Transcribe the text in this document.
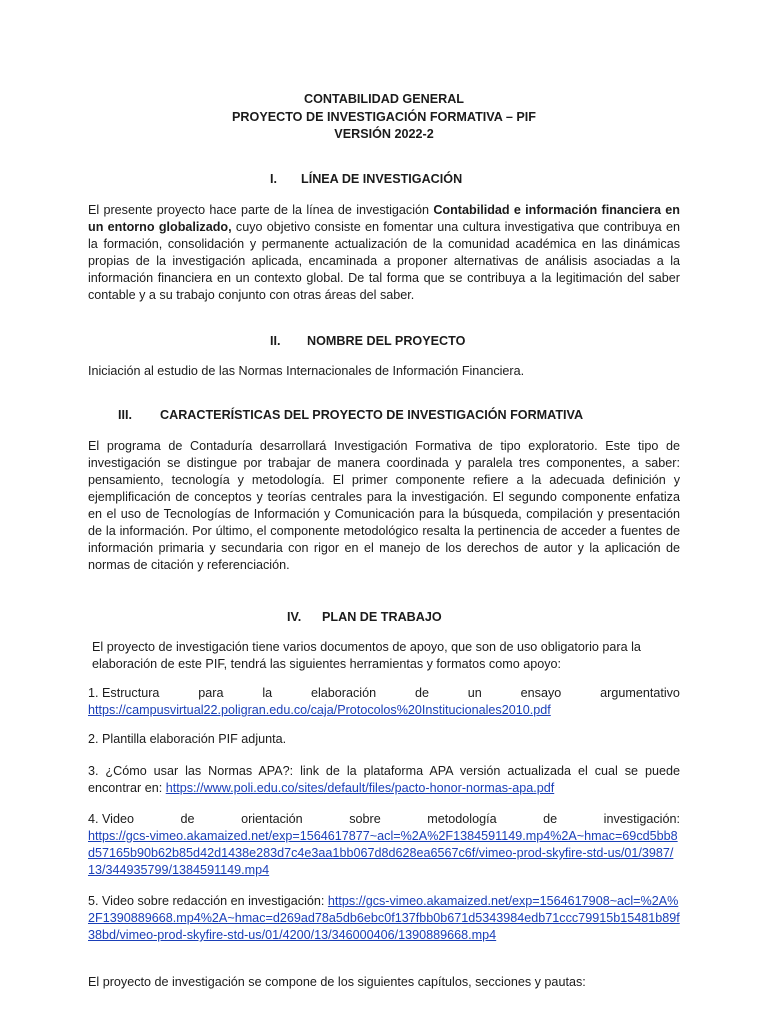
CONTABILIDAD GENERAL
PROYECTO DE INVESTIGACIÓN FORMATIVA – PIF
VERSIÓN 2022-2
I. LÍNEA DE INVESTIGACIÓN

El presente proyecto hace parte de la línea de investigación Contabilidad e información financiera en un entorno globalizado, cuyo objetivo consiste en fomentar una cultura investigativa que contribuya en la formación, consolidación y permanente actualización de la comunidad académica en las dinámicas propias de la investigación aplicada, encaminada a proponer alternativas de análisis asociadas a la información financiera en un contexto global. De tal forma que se contribuya a la legitimación del saber contable y a su trabajo conjunto con otras áreas del saber.

II. NOMBRE DEL PROYECTO

Iniciación al estudio de las Normas Internacionales de Información Financiera.

III. CARACTERÍSTICAS DEL PROYECTO DE INVESTIGACIÓN FORMATIVA

El programa de Contaduría desarrollará Investigación Formativa de tipo exploratorio. Este tipo de investigación se distingue por trabajar de manera coordinada y paralela tres componentes, a saber: pensamiento, tecnología y metodología. El primer componente refiere a la adecuada definición y ejemplificación de conceptos y teorías centrales para la investigación. El segundo componente enfatiza en el uso de Tecnologías de Información y Comunicación para la búsqueda, compilación y presentación de la información. Por último, el componente metodológico resalta la pertinencia de acceder a fuentes de información primaria y secundaria con rigor en el manejo de los derechos de autor y la aplicación de normas de citación y referenciación.

IV. PLAN DE TRABAJO

El proyecto de investigación tiene varios documentos de apoyo, que son de uso obligatorio para la elaboración de este PIF, tendrá las siguientes herramientas y formatos como apoyo:

1. Estructura	para	la	elaboración	de	un	ensayo	argumentativo
https://campusvirtual22.poligran.edu.co/caja/Protocolos%20Institucionales2010.pdf

2. Plantilla elaboración PIF adjunta.

3. ¿Cómo usar las Normas APA?: link de la plataforma APA versión actualizada el cual se puede encontrar en: https://www.poli.edu.co/sites/default/files/pacto-honor-normas-apa.pdf

4. Video	de	orientación	sobre	metodología	de	investigación:
https://gcs-vimeo.akamaized.net/exp=1564617877~acl=%2A%2F1384591149.mp4%2A~hmac=69cd5bb8d57165b90b62b85d42d1438e283d7c4e3aa1bb067d8d628ea6567c6f/vimeo-prod-skyfire-std-us/01/3987/13/344935799/1384591149.mp4

5. Video sobre redacción en investigación: https://gcs-vimeo.akamaized.net/exp=1564617908~acl=%2A%2F1390889668.mp4%2A~hmac=d269ad78a5db6ebc0f137fbb0b671d5343984edb71ccc79915b15481b89f38bd/vimeo-prod-skyfire-std-us/01/4200/13/346000406/1390889668.mp4

El proyecto de investigación se compone de los siguientes capítulos, secciones y pautas:
